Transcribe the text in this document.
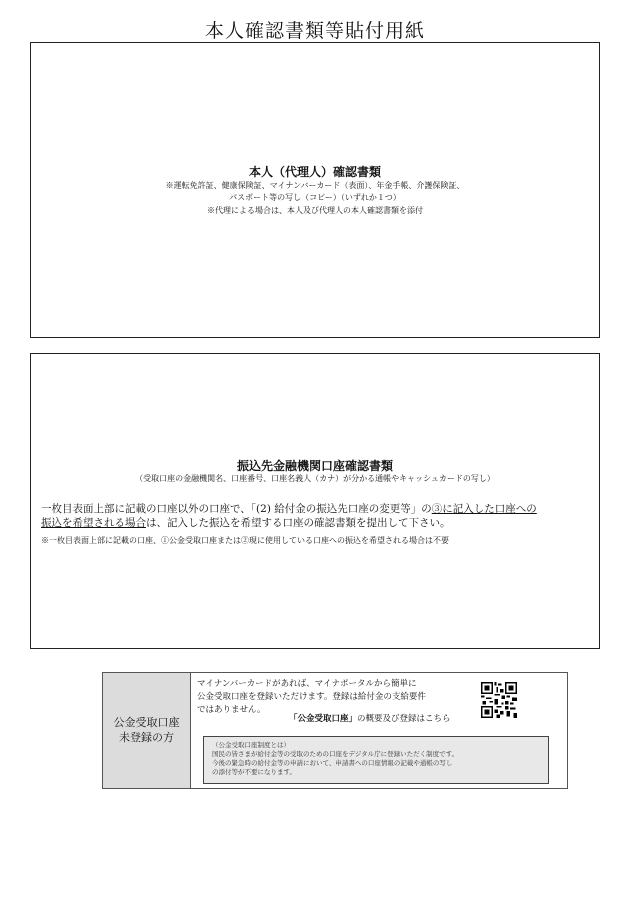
本人確認書類等貼付用紙
本人（代理人）確認書類
※運転免許証、健康保険証、マイナンバーカード（表面）、年金手帳、介護保険証、
パスポート等の写し（コピー）（いずれか１つ）
※代理による場合は、本人及び代理人の本人確認書類を添付
振込先金融機関口座確認書類
（受取口座の金融機関名、口座番号、口座名義人（カナ）が分かる通帳やキャッシュカードの写し）
一枚目表面上部に記載の口座以外の口座で、「(2) 給付金の振込先口座の変更等」の③に記入した口座への
振込を希望される場合は、記入した振込を希望する口座の確認書類を提出して下さい。
※一枚目表面上部に記載の口座、①公金受取口座または②現に使用している口座への振込を希望される場合は不要
公金受取口座
未登録の方
マイナンバーカードがあれば、マイナポータルから簡単に
公金受取口座を登録いただけます。登録は給付金の支給要件
ではありません。
「公金受取口座」の概要及び登録はこちら
（公金受取口座制度とは）
国民の皆さまが給付金等の受取のための口座をデジタル庁に登録いただく制度です。
今後の緊急時の給付金等の申請において、申請書への口座情報の記載や通帳の写し
の添付等が不要になります。
